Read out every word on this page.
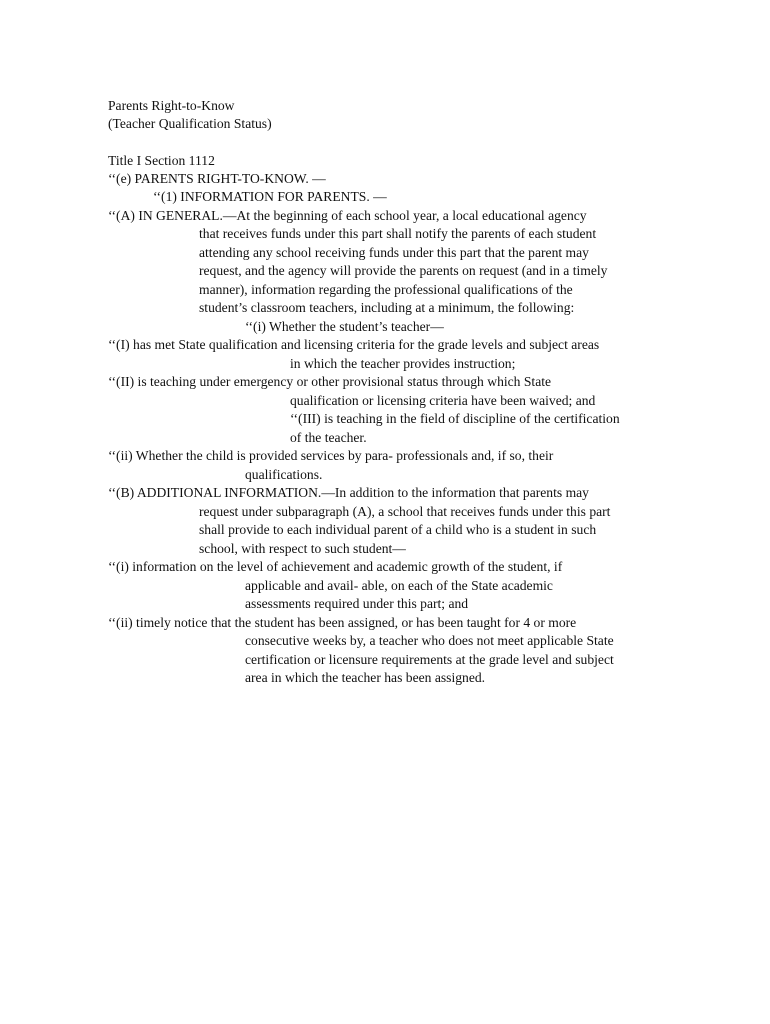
Parents Right-to-Know
(Teacher Qualification Status)
Title I Section 1112
‘‘(e) PARENTS RIGHT-TO-KNOW. —
‘‘(1) INFORMATION FOR PARENTS. —
‘‘(A) IN GENERAL.—At the beginning of each school year, a local educational agency
that receives funds under this part shall notify the parents of each student
attending any school receiving funds under this part that the parent may
request, and the agency will provide the parents on request (and in a timely
manner), information regarding the professional qualifications of the
student’s classroom teachers, including at a minimum, the following:
‘‘(i) Whether the student’s teacher—
‘‘(I) has met State qualification and licensing criteria for the grade levels and subject areas
in which the teacher provides instruction;
‘‘(II) is teaching under emergency or other provisional status through which State
qualification or licensing criteria have been waived; and
‘‘(III) is teaching in the field of discipline of the certification
of the teacher.
‘‘(ii) Whether the child is provided services by para- professionals and, if so, their
qualifications.
‘‘(B) ADDITIONAL INFORMATION.—In addition to the information that parents may
request under subparagraph (A), a school that receives funds under this part
shall provide to each individual parent of a child who is a student in such
school, with respect to such student—
‘‘(i) information on the level of achievement and academic growth of the student, if
applicable and avail- able, on each of the State academic
assessments required under this part; and
‘‘(ii) timely notice that the student has been assigned, or has been taught for 4 or more
consecutive weeks by, a teacher who does not meet applicable State
certification or licensure requirements at the grade level and subject
area in which the teacher has been assigned.
